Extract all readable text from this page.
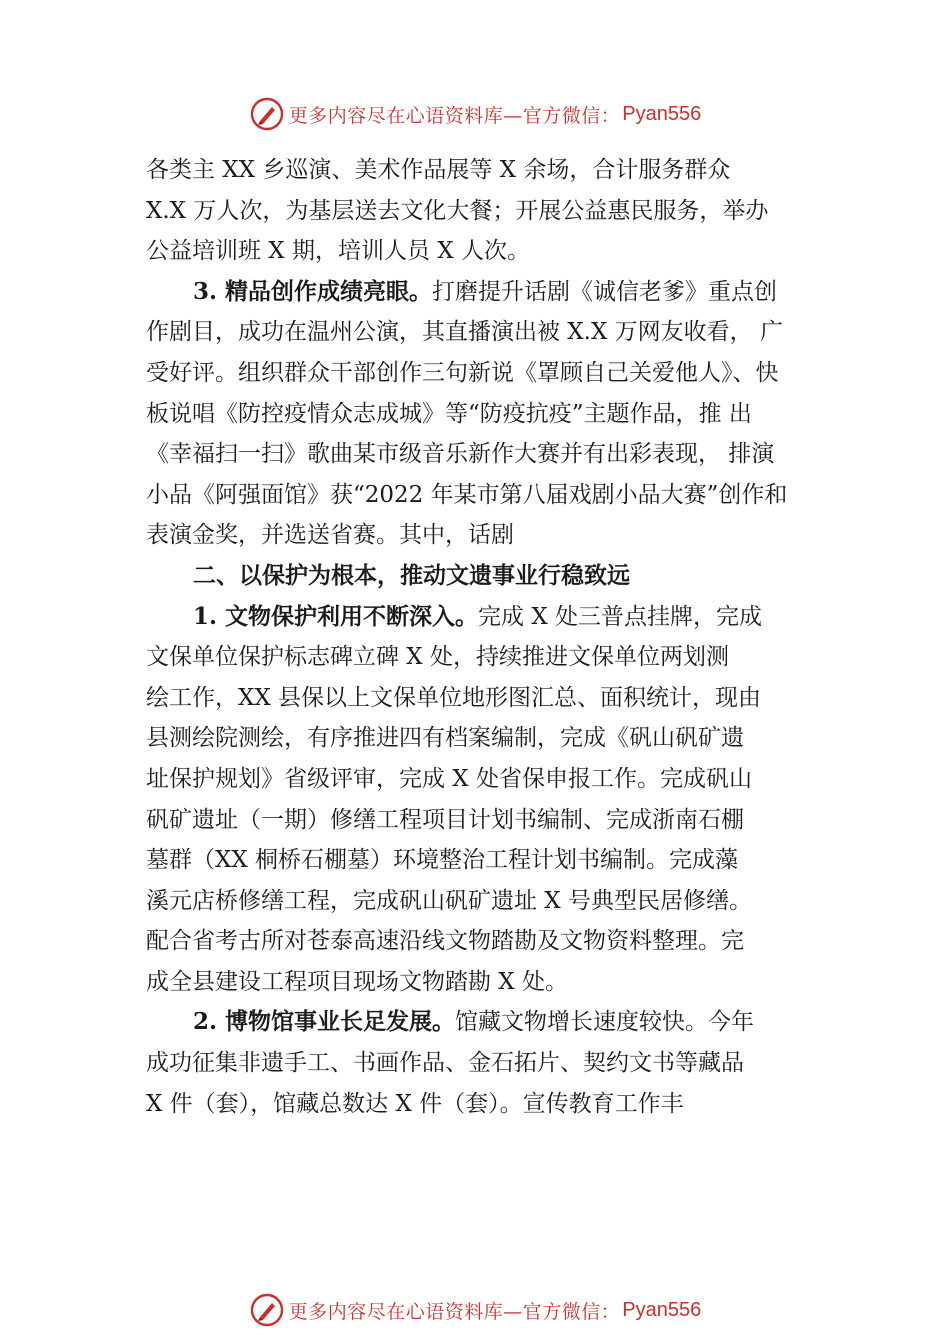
更多内容尽在心语资料库—官方微信： Pyan556
各类主 XX 乡巡演、美术作品展等 X 余场，合计服务群众
X.X 万人次，为基层送去文化大餐；开展公益惠民服务，举办
公益培训班 X 期，培训人员 X 人次。
3. 精品创作成绩亮眼。打磨提升话剧《诚信老爹》重点创
作剧目，成功在温州公演，其直播演出被 X.X 万网友收看， 广
受好评。组织群众干部创作三句新说《罩顾自己关爱他人》、快
板说唱《防控疫情众志成城》等“防疫抗疫”主题作品，推 出
《幸福扫一扫》歌曲某市级音乐新作大赛并有出彩表现， 排演
小品《阿强面馆》获“2022 年某市第八届戏剧小品大赛”创作和
表演金奖，并选送省赛。其中，话剧
二、以保护为根本，推动文遗事业行稳致远
1. 文物保护利用不断深入。完成 X 处三普点挂牌，完成
文保单位保护标志碑立碑 X 处，持续推进文保单位两划测
绘工作，XX 县保以上文保单位地形图汇总、面积统计，现由
县测绘院测绘，有序推进四有档案编制，完成《矾山矾矿遗
址保护规划》省级评审，完成 X 处省保申报工作。完成矾山
矾矿遗址（一期）修缮工程项目计划书编制、完成浙南石棚
墓群（XX 桐桥石棚墓）环境整治工程计划书编制。完成藻
溪元店桥修缮工程，完成矾山矾矿遗址 X 号典型民居修缮。
配合省考古所对苍泰高速沿线文物踏勘及文物资料整理。完
成全县建设工程项目现场文物踏勘 X 处。
2. 博物馆事业长足发展。馆藏文物增长速度较快。今年
成功征集非遗手工、书画作品、金石拓片、契约文书等藏品
X 件（套），馆藏总数达 X 件（套）。宣传教育工作丰
更多内容尽在心语资料库—官方微信： Pyan556
